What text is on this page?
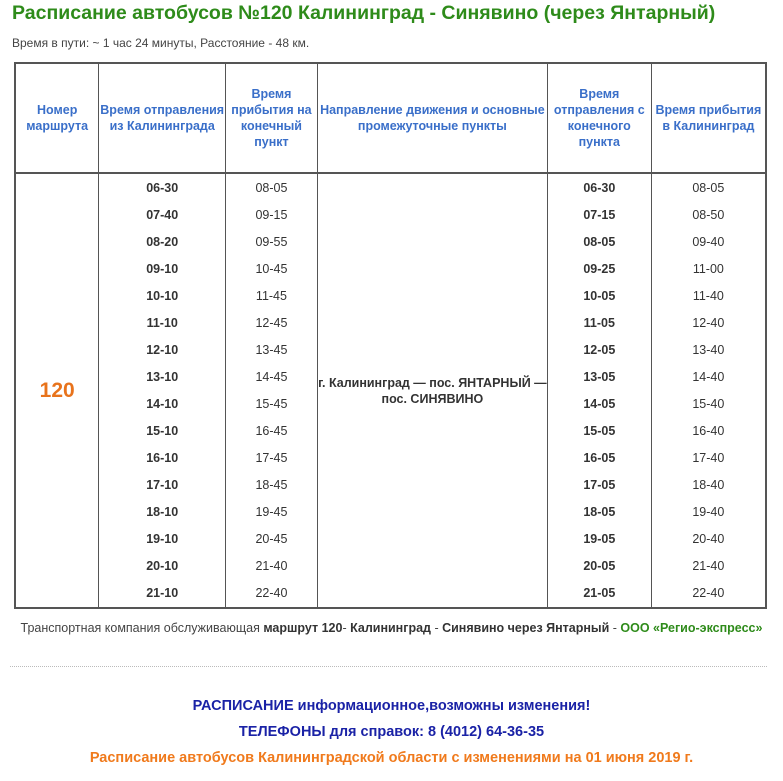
Расписание автобусов №120 Калининград - Синявино (через Янтарный)
Время в пути: ~ 1 час 24 минуты, Расстояние - 48 км.
Номер маршрута	Время отправления из Калининграда	Время прибытия на конечный пункт	Направление движения и основные промежуточные пункты	Время отправления с конечного пункта	Время прибытия в Калининград
120	06-30	08-05	г. Калининград — пос. ЯНТАРНЫЙ — пос. СИНЯВИНО	06-30	08-05
	07-40	09-15		07-15	08-50
	08-20	09-55		08-05	09-40
	09-10	10-45		09-25	11-00
	10-10	11-45		10-05	11-40
	11-10	12-45		11-05	12-40
	12-10	13-45		12-05	13-40
	13-10	14-45		13-05	14-40
	14-10	15-45		14-05	15-40
	15-10	16-45		15-05	16-40
	16-10	17-45		16-05	17-40
	17-10	18-45		17-05	18-40
	18-10	19-45		18-05	19-40
	19-10	20-45		19-05	20-40
	20-10	21-40		20-05	21-40
	21-10	22-40		21-05	22-40
Транспортная компания обслуживающая маршрут 120- Калининград - Синявино через Янтарный - ООО «Регио-экспресс»
РАСПИСАНИЕ информационное,возможны изменения!
ТЕЛЕФОНЫ для справок: 8 (4012) 64-36-35
Расписание автобусов Калининградской области с изменениями на 01 июня 2019 г.
